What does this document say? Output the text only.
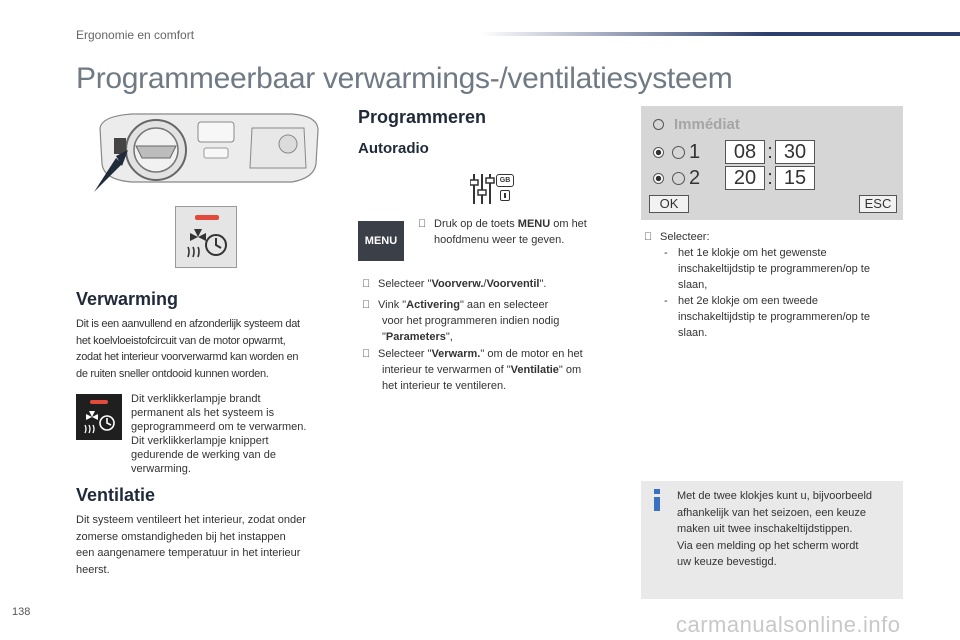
Ergonomie en comfort
Programmeerbaar verwarmings-/ventilatiesysteem
Verwarming

Dit is een aanvullend en afzonderlijk systeem dat

het koelvloeistofcircuit van de motor opwarmt,

zodat het interieur voorverwarmd kan worden en

de ruiten sneller ontdooid kunnen worden.

Dit verklikkerlampje brandt

permanent als het systeem is

geprogrammeerd om te verwarmen.

Dit verklikkerlampje knippert

gedurende de werking van de

verwarming.

Ventilatie

Dit systeem ventileert het interieur, zodat onder

zomerse omstandigheden bij het instappen

een aangenamere temperatuur in het interieur

heerst.

Programmeren
Autoradio
GB
MENU
Druk op de toets MENU om het
hoofdmenu weer te geven.
Selecteer "Voorverw./Voorventil".
Vink "Activering" aan en selecteer
voor het programmeren indien nodig
"Parameters",
Selecteer "Verwarm." om de motor en het
interieur te verwarmen of "Ventilatie" om
het interieur te ventileren.
Immédiat
1	08 : 30
2	20 : 15
OK	ESC
Selecteer:
- het 1e klokje om het gewenste
inschakeltijdstip te programmeren/op te
slaan,
- het 2e klokje om een tweede
inschakeltijdstip te programmeren/op te
slaan.

Met de twee klokjes kunt u, bijvoorbeeld

afhankelijk van het seizoen, een keuze

maken uit twee inschakeltijdstippen.

Via een melding op het scherm wordt

uw keuze bevestigd.

138	carmanualsonline.info
